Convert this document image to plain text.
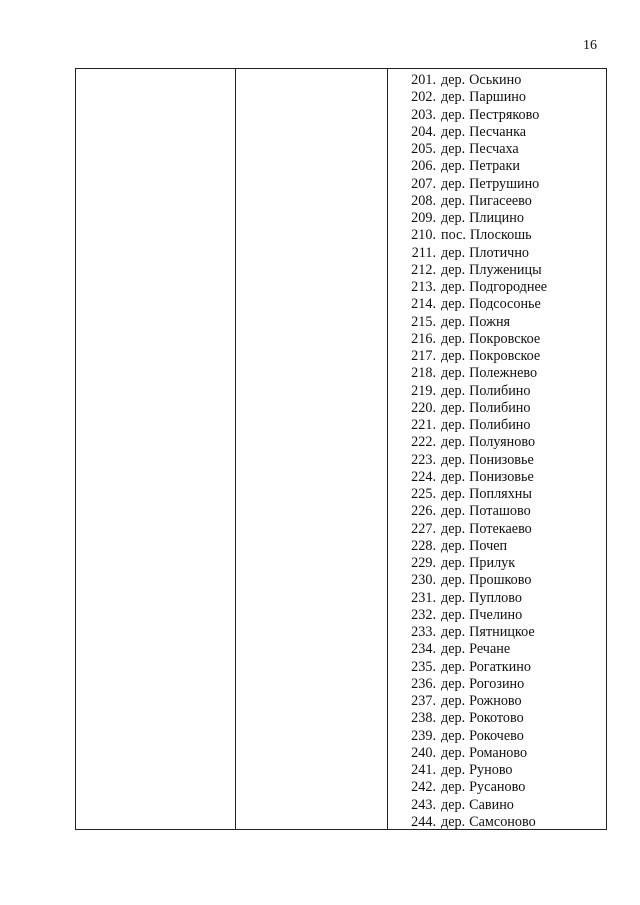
16
201. дер. Оськино
202. дер. Паршино
203. дер. Пестряково
204. дер. Песчанка
205. дер. Песчаха
206. дер. Петраки
207. дер. Петрушино
208. дер. Пигасеево
209. дер. Плицино
210. пос. Плоскошь
211. дер. Плотично
212. дер. Плуженицы
213. дер. Подгороднее
214. дер. Подсосонье
215. дер. Пожня
216. дер. Покровское
217. дер. Покровское
218. дер. Полежнево
219. дер. Полибино
220. дер. Полибино
221. дер. Полибино
222. дер. Полуяново
223. дер. Понизовье
224. дер. Понизовье
225. дер. Попляхны
226. дер. Поташово
227. дер. Потекаево
228. дер. Почеп
229. дер. Прилук
230. дер. Прошково
231. дер. Пуплово
232. дер. Пчелино
233. дер. Пятницкое
234. дер. Речане
235. дер. Рогаткино
236. дер. Рогозино
237. дер. Рожново
238. дер. Рокотово
239. дер. Рокочево
240. дер. Романово
241. дер. Руново
242. дер. Русаново
243. дер. Савино
244. дер. Самсоново
